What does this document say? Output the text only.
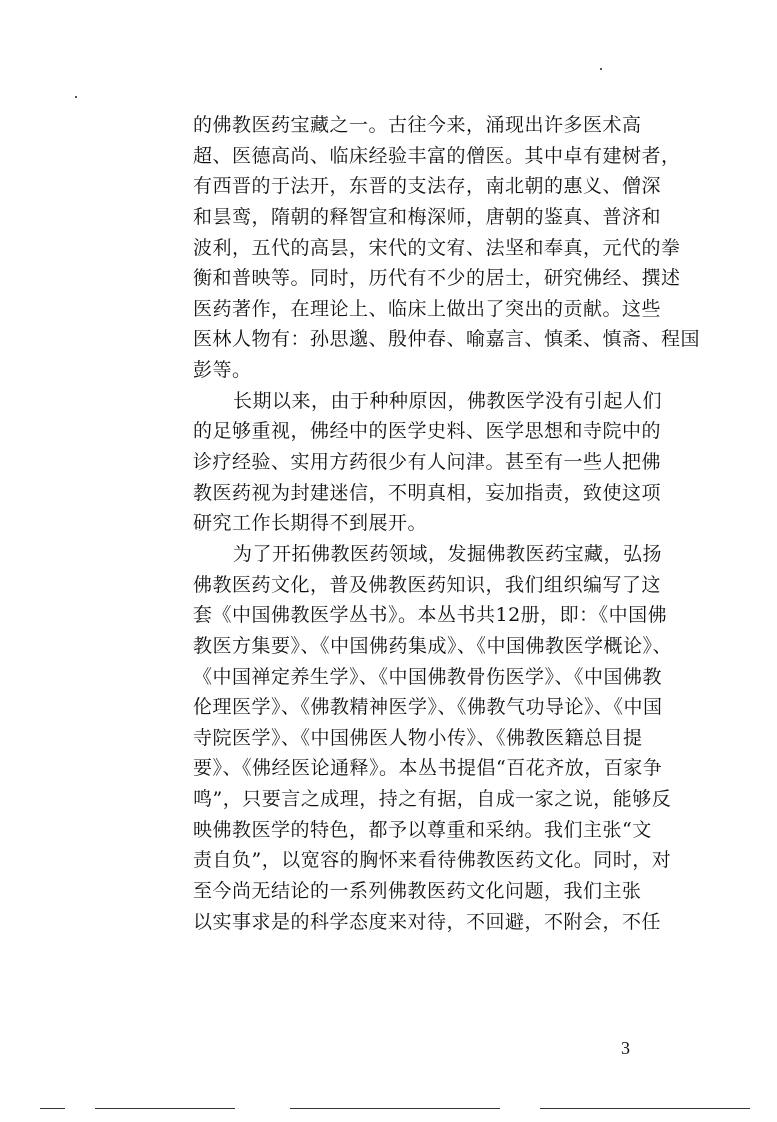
的佛教医药宝藏之一。古往今来，涌现出许多医术高
超、医德高尚、临床经验丰富的僧医。其中卓有建树者，
有西晋的于法开，东晋的支法存，南北朝的惠义、僧深
和昙鸾，隋朝的释智宣和梅深师，唐朝的鉴真、普济和
波利，五代的高昙，宋代的文宥、法坚和奉真，元代的拳
衡和普映等。同时，历代有不少的居士，研究佛经、撰述
医药著作，在理论上、临床上做出了突出的贡献。这些
医林人物有：孙思邈、殷仲春、喻嘉言、慎柔、慎斋、程国
彭等。
长期以来，由于种种原因，佛教医学没有引起人们
的足够重视，佛经中的医学史料、医学思想和寺院中的
诊疗经验、实用方药很少有人问津。甚至有一些人把佛
教医药视为封建迷信，不明真相，妄加指责，致使这项
研究工作长期得不到展开。
为了开拓佛教医药领域，发掘佛教医药宝藏，弘扬
佛教医药文化，普及佛教医药知识，我们组织编写了这
套《中国佛教医学丛书》。本丛书共12册，即：《中国佛
教医方集要》、《中国佛药集成》、《中国佛教医学概论》、
《中国禅定养生学》、《中国佛教骨伤医学》、《中国佛教
伦理医学》、《佛教精神医学》、《佛教气功导论》、《中国
寺院医学》、《中国佛医人物小传》、《佛教医籍总目提
要》、《佛经医论通释》。本丛书提倡“百花齐放，百家争
鸣”，只要言之成理，持之有据，自成一家之说，能够反
映佛教医学的特色，都予以尊重和采纳。我们主张“文
责自负”，以宽容的胸怀来看待佛教医药文化。同时，对
至今尚无结论的一系列佛教医药文化问题，我们主张
以实事求是的科学态度来对待，不回避，不附会，不任
3
